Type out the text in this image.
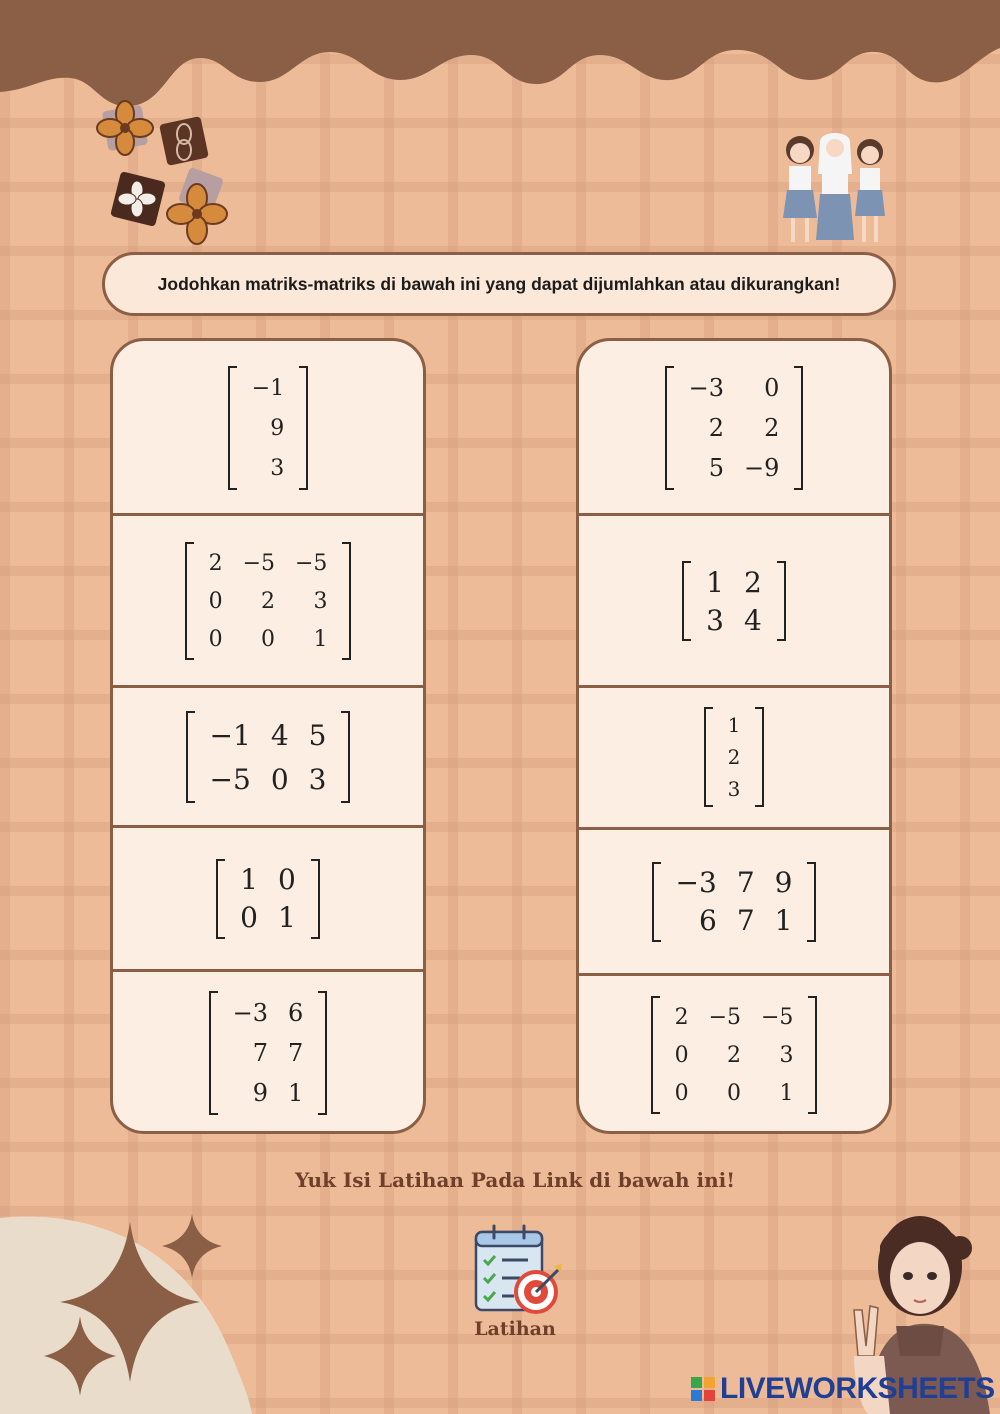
Jodohkan matriks-matriks di bawah ini yang dapat dijumlahkan atau dikurangkan!
−1
9
3
2 −5 −5
0	2	3
0	0	1
−1 4 5
−5 0 3
1 0
0 1
−3 6
7 7
9 1
−3	0
2	2
5 −9
1 2
3 4
1
2
3
−3 7 9
6 7 1
2 −5 −5
0	2	3
0	0	1
Yuk Isi Latihan Pada Link di bawah ini!
Latihan
LIVEWORKSHEETS
